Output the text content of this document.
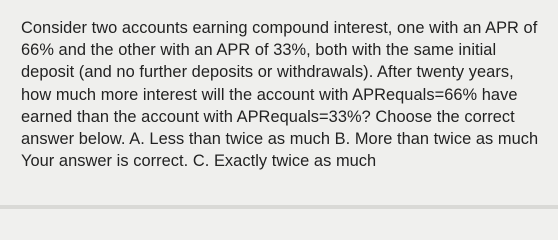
Consider two accounts earning compound interest, one with an APR of 66% and the other with an APR of 33%, both with the same initial deposit (and no further deposits or withdrawals). After twenty years, how much more interest will the account with APRequals=66% have earned than the account with APRequals=33%? Choose the correct answer below. A. Less than twice as much B. More than twice as much Your answer is correct. C. Exactly twice as much
